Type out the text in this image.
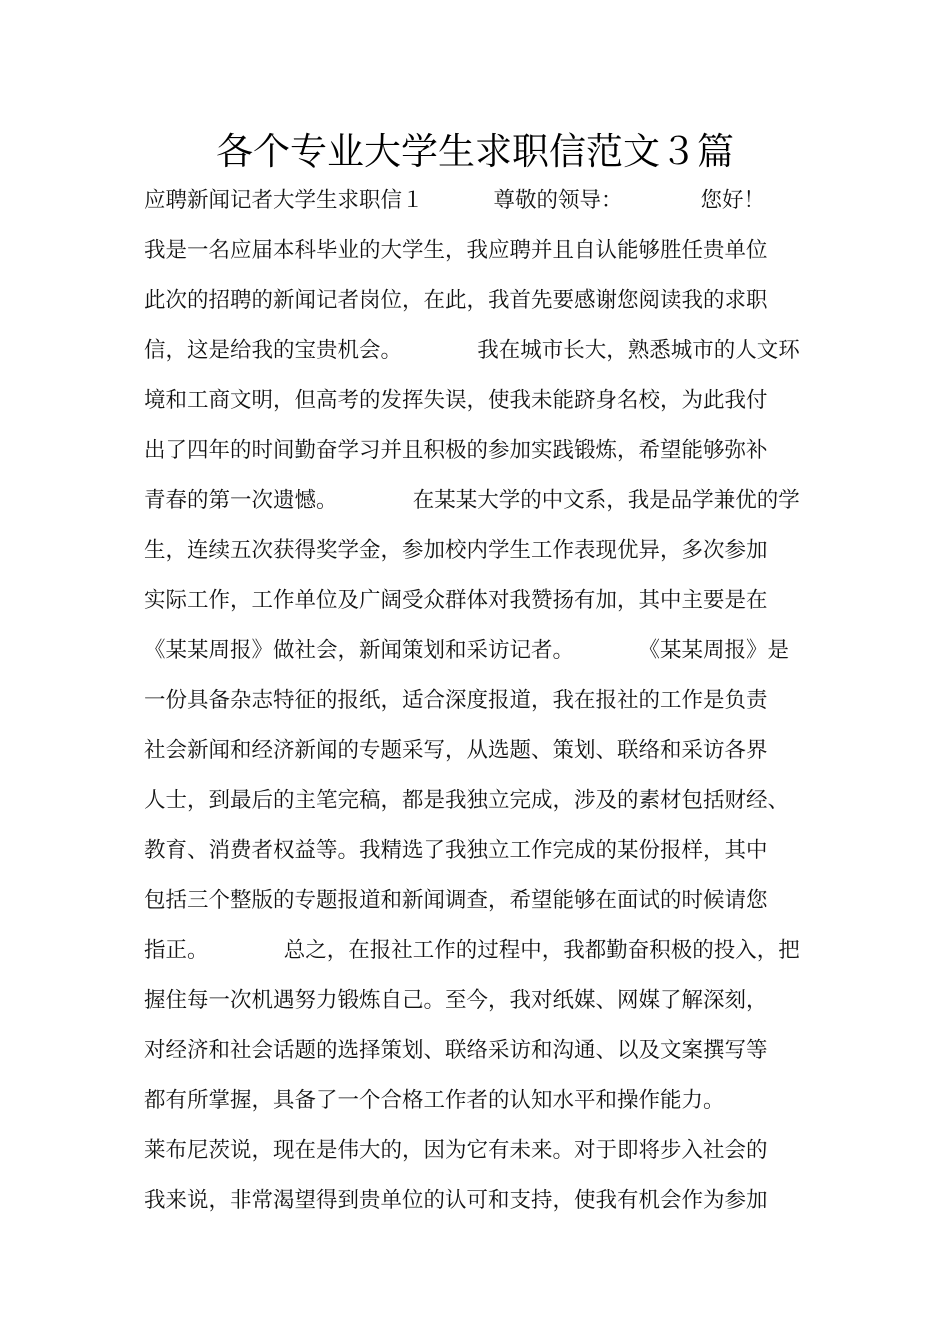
各个专业大学生求职信范文３篇
应聘新闻记者大学生求职信１	尊敬的领导：	您好！
我是一名应届本科毕业的大学生，我应聘并且自认能够胜任贵单位
此次的招聘的新闻记者岗位，在此，我首先要感谢您阅读我的求职
信，这是给我的宝贵机会。　　　　我在城市长大，熟悉城市的人文环
境和工商文明，但高考的发挥失误，使我未能跻身名校，为此我付
出了四年的时间勤奋学习并且积极的参加实践锻炼，希望能够弥补
青春的第一次遗憾。　　　　在某某大学的中文系，我是品学兼优的学
生，连续五次获得奖学金，参加校内学生工作表现优异，多次参加
实际工作，工作单位及广阔受众群体对我赞扬有加，其中主要是在
《某某周报》做社会，新闻策划和采访记者。　　　　《某某周报》是
一份具备杂志特征的报纸，适合深度报道，我在报社的工作是负责
社会新闻和经济新闻的专题采写，从选题、策划、联络和采访各界
人士，到最后的主笔完稿，都是我独立完成，涉及的素材包括财经、
教育、消费者权益等。我精选了我独立工作完成的某份报样，其中
包括三个整版的专题报道和新闻调查，希望能够在面试的时候请您
指正。　　　　总之，在报社工作的过程中，我都勤奋积极的投入，把
握住每一次机遇努力锻炼自己。至今，我对纸媒、网媒了解深刻，
对经济和社会话题的选择策划、联络采访和沟通、以及文案撰写等
都有所掌握，具备了一个合格工作者的认知水平和操作能力。
莱布尼茨说，现在是伟大的，因为它有未来。对于即将步入社会的
我来说，非常渴望得到贵单位的认可和支持，使我有机会作为参加
